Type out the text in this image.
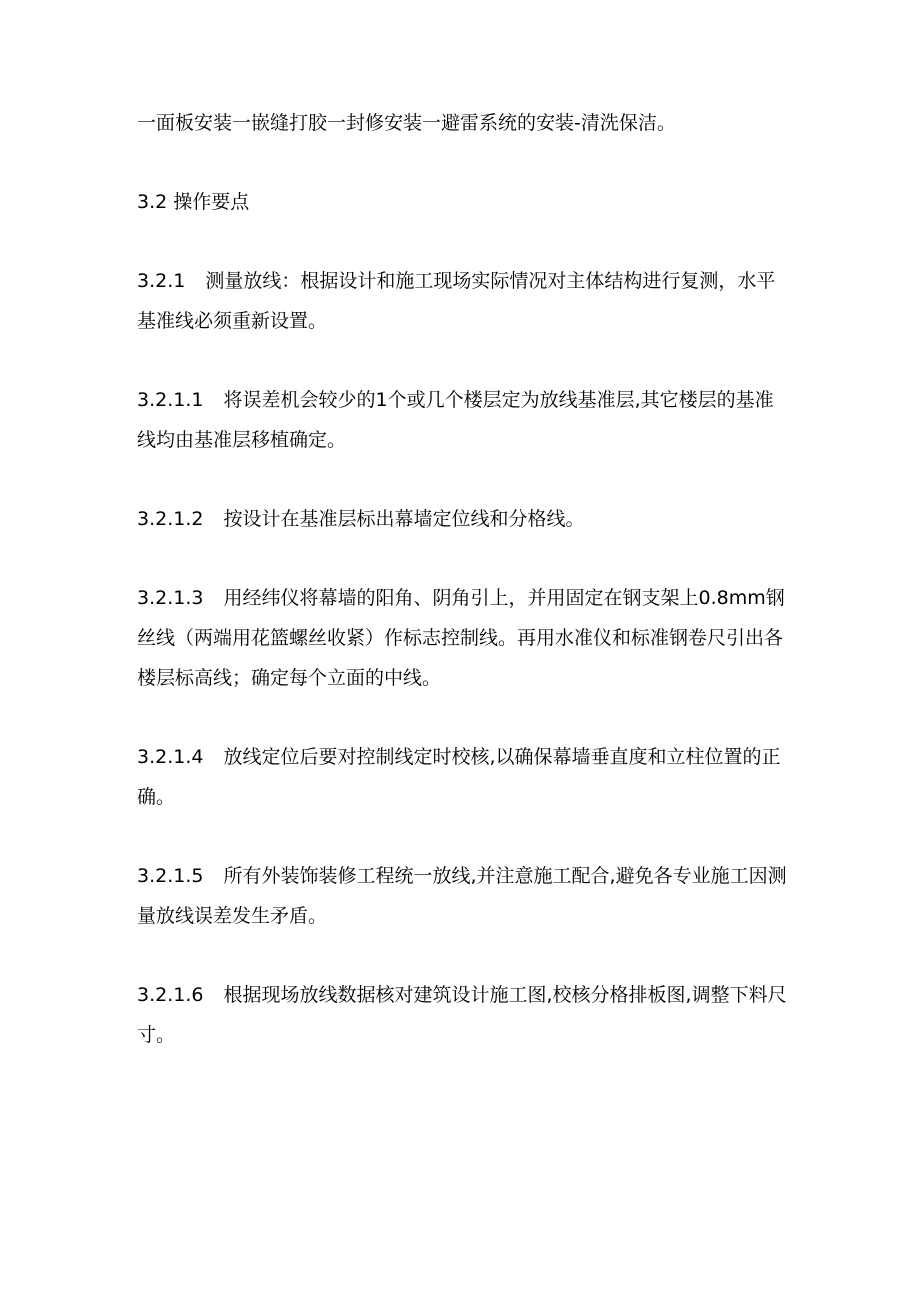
一面板安装一嵌缝打胶一封修安装一避雷系统的安装-清洗保洁。

3.2 操作要点

3.2.1 测量放线：根据设计和施工现场实际情况对主体结构进行复测，水平基准线必须重新设置。

3.2.1.1 将误差机会较少的1个或几个楼层定为放线基准层,其它楼层的基准线均由基准层移植确定。

3.2.1.2 按设计在基准层标出幕墙定位线和分格线。

3.2.1.3 用经纬仪将幕墙的阳角、阴角引上，并用固定在钢支架上0.8mm钢丝线（两端用花篮螺丝收紧）作标志控制线。再用水准仪和标准钢卷尺引出各楼层标高线；确定每个立面的中线。

3.2.1.4 放线定位后要对控制线定时校核,以确保幕墙垂直度和立柱位置的正确。

3.2.1.5 所有外装饰装修工程统一放线,并注意施工配合,避免各专业施工因测量放线误差发生矛盾。

3.2.1.6 根据现场放线数据核对建筑设计施工图,校核分格排板图,调整下料尺寸。
